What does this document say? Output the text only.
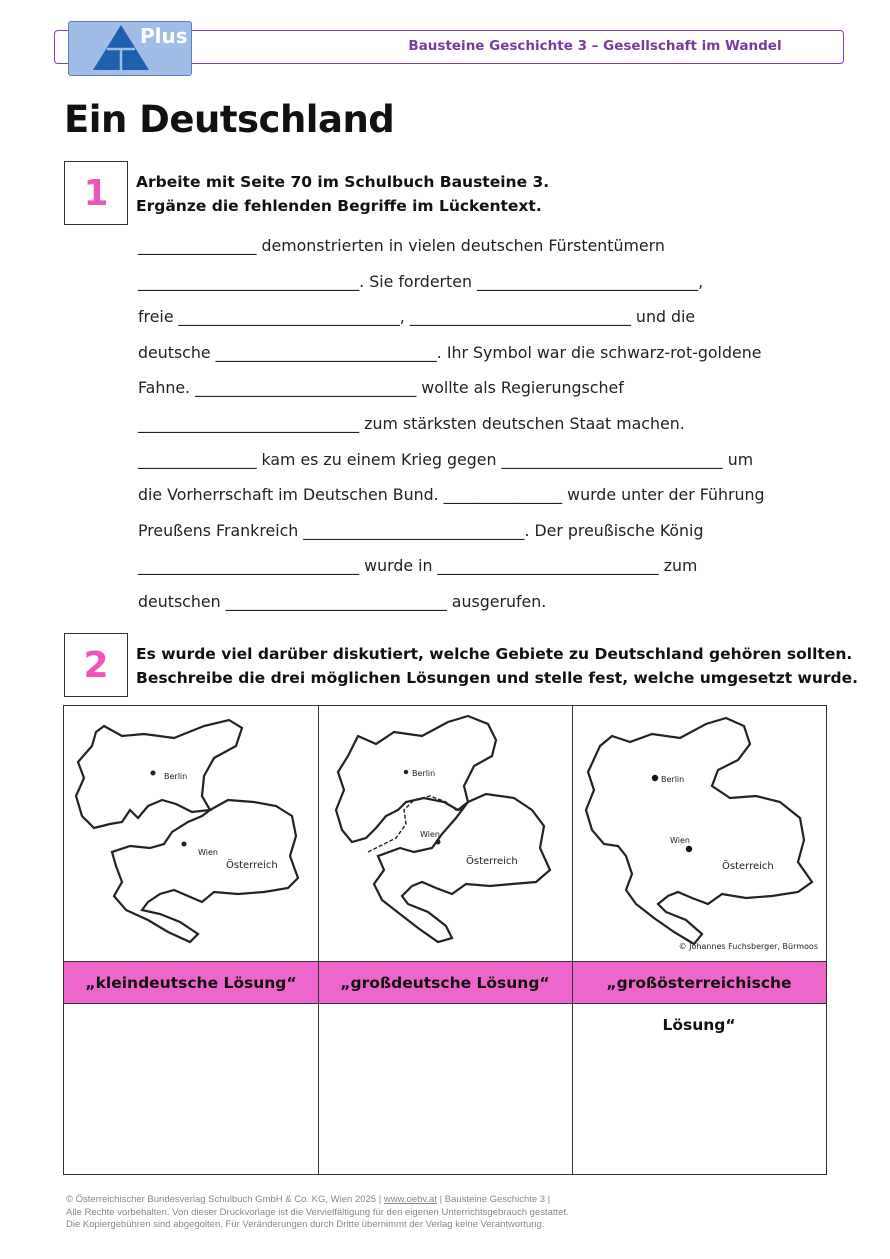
Bausteine Geschichte 3 – Gesellschaft im Wandel
Plus
Ein Deutschland
1	Arbeite mit Seite 70 im Schulbuch Bausteine 3.
Ergänze die fehlenden Begriffe im Lückentext.
_______________ demonstrierten in vielen deutschen Fürstentümern
____________________________. Sie forderten ____________________________,
freie ____________________________, ____________________________ und die
deutsche ____________________________. Ihr Symbol war die schwarz-rot-goldene
Fahne. ____________________________ wollte als Regierungschef
____________________________ zum stärksten deutschen Staat machen.
_______________ kam es zu einem Krieg gegen ____________________________ um
die Vorherrschaft im Deutschen Bund. _______________ wurde unter der Führung
Preußens Frankreich ____________________________. Der preußische König
____________________________ wurde in ____________________________ zum
deutschen ____________________________ ausgerufen.
2	Es wurde viel darüber diskutiert, welche Gebiete zu Deutschland gehören sollten.
Beschreibe die drei möglichen Lösungen und stelle fest, welche umgesetzt wurde.
Berlin
Wien
Österreich
Berlin
Wien
Österreich
Berlin
Wien
Österreich
© Johannes Fuchsberger, Bürmoos
„kleindeutsche Lösung“	„großdeutsche Lösung“	„großösterreichische Lösung“
© Österreichischer Bundesverlag Schulbuch GmbH & Co. KG, Wien 2025 | www.oebv.at | Bausteine Geschichte 3 |
Alle Rechte vorbehalten. Von dieser Druckvorlage ist die Vervielfältigung für den eigenen Unterrichtsgebrauch gestattet.
Die Kopiergebühren sind abgegolten. Für Veränderungen durch Dritte übernimmt der Verlag keine Verantwortung.
